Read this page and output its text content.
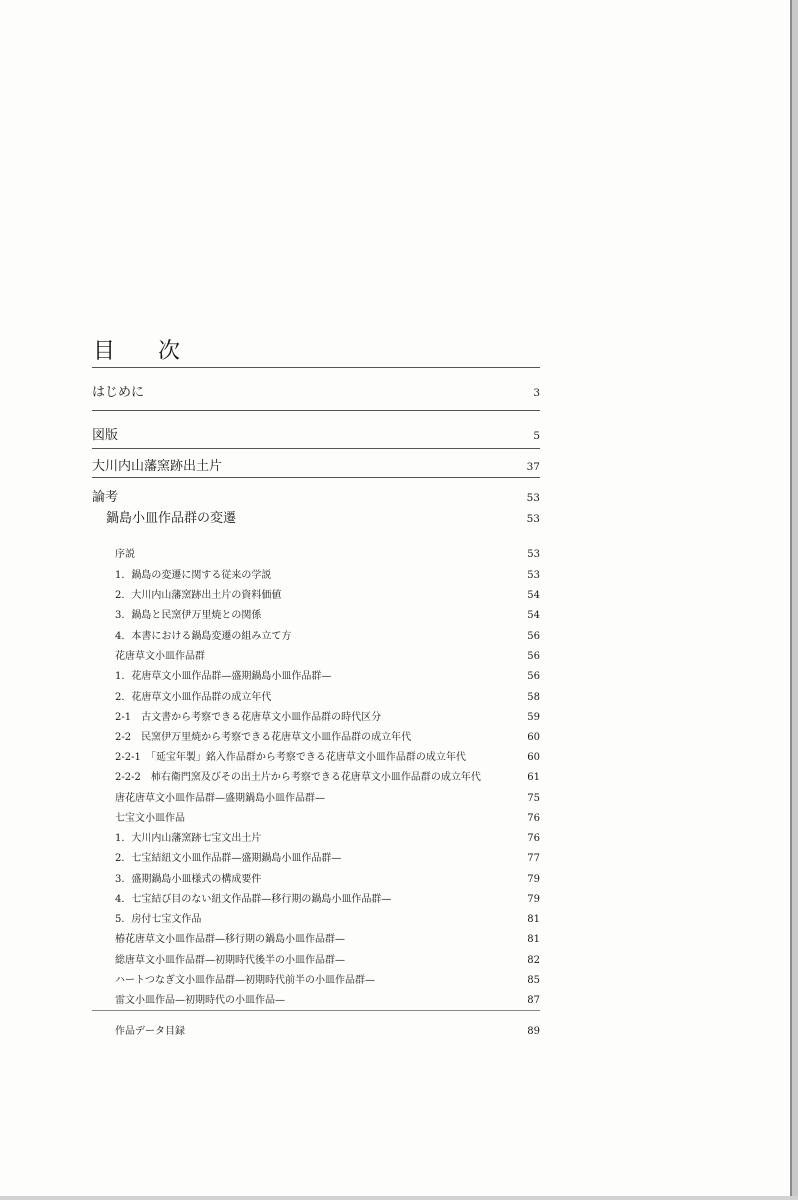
目 次
はじめに	3
図版	5
大川内山藩窯跡出土片	37
論考	53
鍋島小皿作品群の変遷	53
序説	53
1．鍋島の変遷に関する従来の学説	53
2．大川内山藩窯跡出土片の資料価値	54
3．鍋島と民窯伊万里焼との関係	54
4．本書における鍋島変遷の組み立て方	56
花唐草文小皿作品群	56
1．花唐草文小皿作品群—盛期鍋島小皿作品群—	56
2．花唐草文小皿作品群の成立年代	58
2-1　古文書から考察できる花唐草文小皿作品群の時代区分	59
2-2　民窯伊万里焼から考察できる花唐草文小皿作品群の成立年代	60
2-2-1　「延宝年製」銘入作品群から考察できる花唐草文小皿作品群の成立年代	60
2-2-2　柿右衛門窯及びその出土片から考察できる花唐草文小皿作品群の成立年代	61
唐花唐草文小皿作品群—盛期鍋島小皿作品群—	75
七宝文小皿作品	76
1．大川内山藩窯跡七宝文出土片	76
2．七宝結紐文小皿作品群—盛期鍋島小皿作品群—	77
3．盛期鍋島小皿様式の構成要件	79
4．七宝結び目のない紐文作品群—移行期の鍋島小皿作品群—	79
5．房付七宝文作品	81
椿花唐草文小皿作品群—移行期の鍋島小皿作品群—	81
総唐草文小皿作品群—初期時代後半の小皿作品群—	82
ハートつなぎ文小皿作品群—初期時代前半の小皿作品群—	85
雷文小皿作品—初期時代の小皿作品—	87
作品データ目録	89
